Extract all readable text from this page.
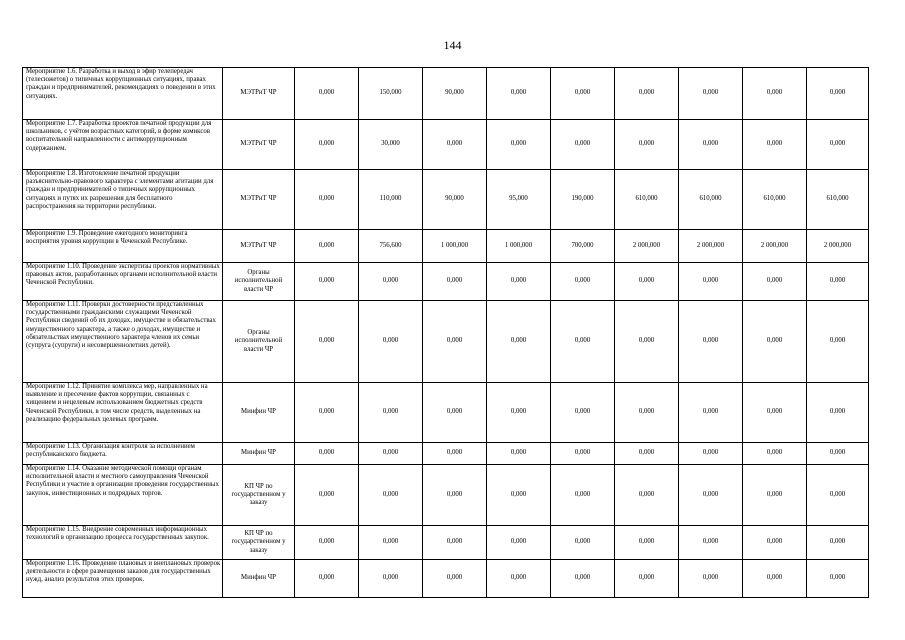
144
Мероприятие 1.6. Разработка и выход в эфир телепередач (телесюжетов) о типичных коррупционных ситуациях, правах граждан и предпринимателей, рекомендациях о поведении в этих ситуациях.	МЭТРиТ ЧР	0,000	150,000	90,000	0,000	0,000	0,000	0,000	0,000	0,000
Мероприятие 1.7. Разработка проектов печатной продукции для школьников, с учётом возрастных категорий, в форме комиксов воспитательной направленности с антикоррупционным содержанием.	МЭТРиТ ЧР	0,000	30,000	0,000	0,000	0,000	0,000	0,000	0,000	0,000
Мероприятие 1.8. Изготовление печатной продукции разъяснительно-правового характера с элементами агитации для граждан и предпринимателей о типичных коррупционных ситуациях и путях их разрешения для бесплатного распространения на территории республики.	МЭТРиТ ЧР	0,000	110,000	90,000	95,000	190,000	610,000	610,000	610,000	610,000
Мероприятие 1.9. Проведение ежегодного мониторинга восприятия уровня коррупции в Чеченской Республике.	МЭТРиТ ЧР	0,000	756,600	1 000,000	1 000,000	700,000	2 000,000	2 000,000	2 000,000	2 000,000
Мероприятие 1.10. Проведение экспертизы проектов нормативных правовых актов, разработанных органами исполнительной власти Чеченской Республики.	Органы исполнительной власти ЧР	0,000	0,000	0,000	0,000	0,000	0,000	0,000	0,000	0,000
Мероприятие 1.11. Проверки достоверности представленных государственными гражданскими служащими Чеченской Республики сведений об их доходах, имуществе и обязательствах имущественного характера, а также о доходах, имуществе и обязательствах имущественного характера членов их семьи (супруга (супруги) и несовершеннолетних детей).	Органы исполнительной власти ЧР	0,000	0,000	0,000	0,000	0,000	0,000	0,000	0,000	0,000
Мероприятие 1.12. Принятие комплекса мер, направленных на выявление и пресечение фактов коррупции, связанных с хищением и нецелевым использованием бюджетных средств Чеченской Республики, в том числе средств, выделенных на реализацию федеральных целевых программ.	Минфин ЧР	0,000	0,000	0,000	0,000	0,000	0,000	0,000	0,000	0,000
Мероприятие 1.13. Организация контроля за исполнением республиканского бюджета.	Минфин ЧР	0,000	0,000	0,000	0,000	0,000	0,000	0,000	0,000	0,000
Мероприятие 1.14. Оказание методической помощи органам исполнительной власти и местного самоуправления Чеченской Республики и участие в организации проведения государственных закупок, инвестиционных и подрядных торгов.	КП ЧР по государственном у заказу	0,000	0,000	0,000	0,000	0,000	0,000	0,000	0,000	0,000
Мероприятие 1.15. Внедрение современных информационных технологий в организацию процесса государственных закупок.	КП ЧР по государственном у заказу	0,000	0,000	0,000	0,000	0,000	0,000	0,000	0,000	0,000
Мероприятие 1.16. Проведение плановых и внеплановых проверок деятельности в сфере размещения заказов для государственных нужд, анализ результатов этих проверок.	Минфин ЧР	0,000	0,000	0,000	0,000	0,000	0,000	0,000	0,000	0,000
